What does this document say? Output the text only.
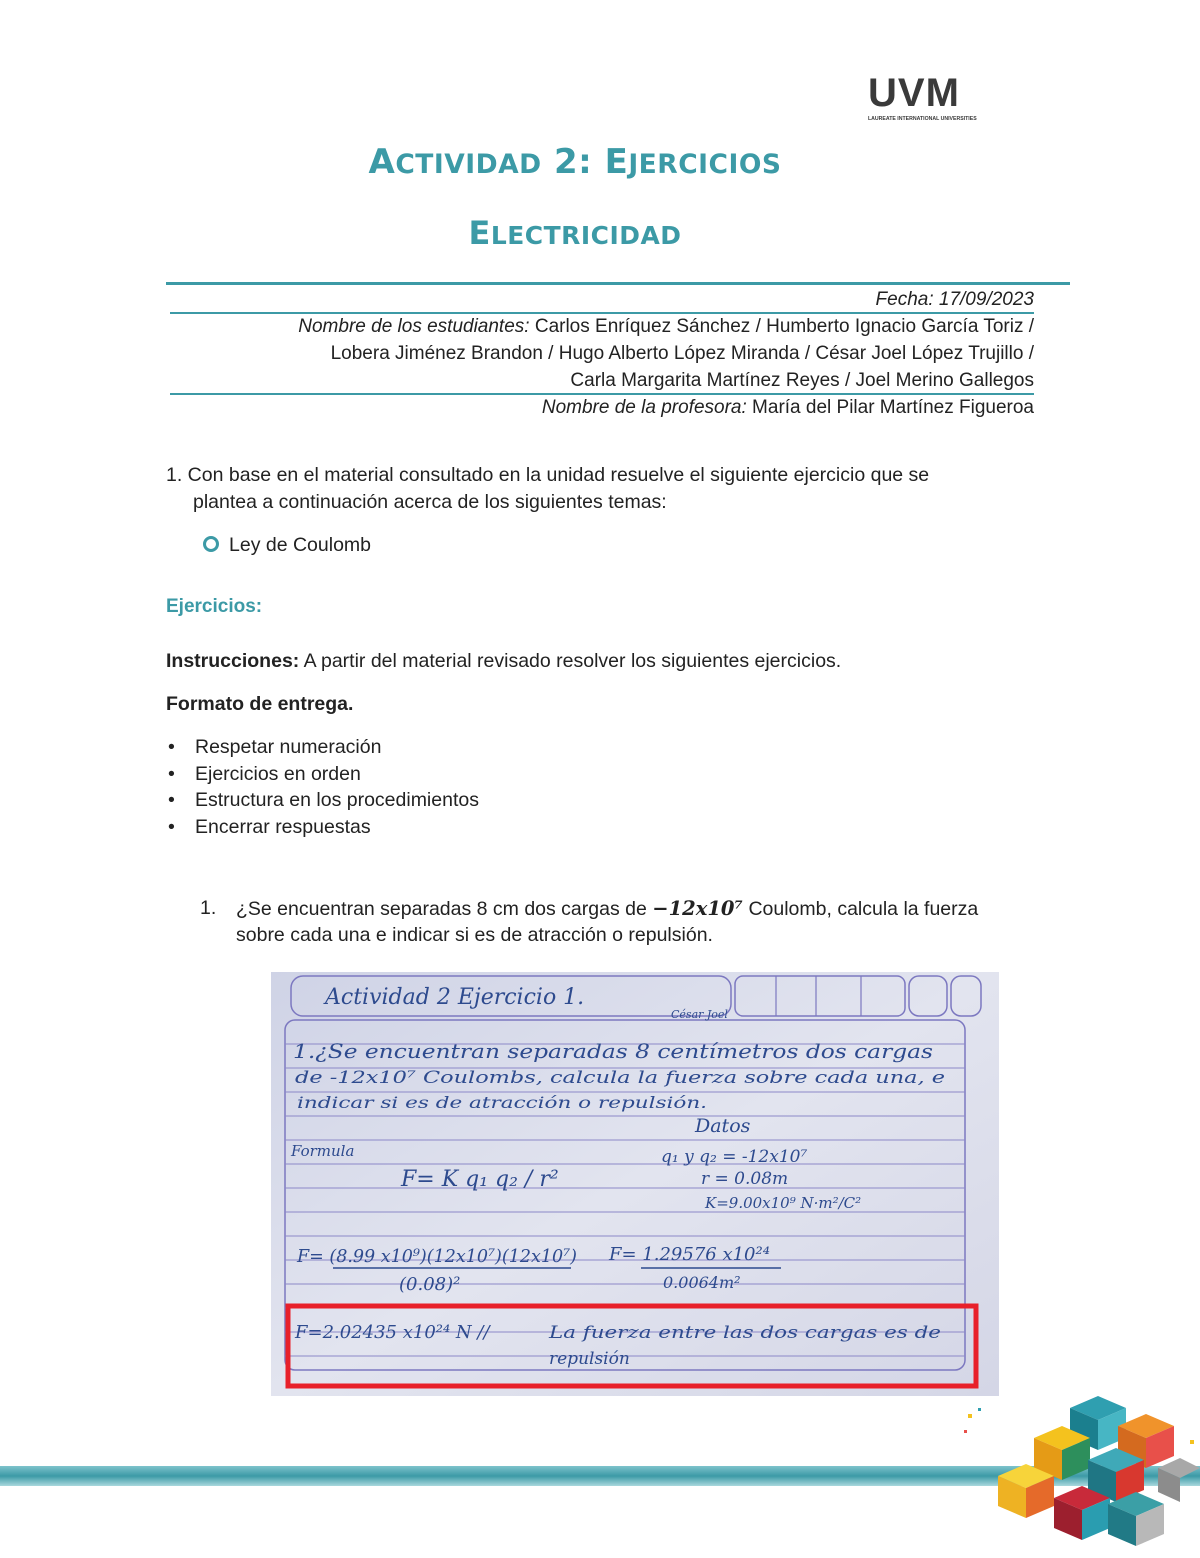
UVM
LAUREATE INTERNATIONAL UNIVERSITIES
ACTIVIDAD 2: EJERCICIOS
ELECTRICIDAD
Fecha: 17/09/2023
Nombre de los estudiantes: Carlos Enríquez Sánchez / Humberto Ignacio García Toriz /
Lobera Jiménez Brandon / Hugo Alberto López Miranda / César Joel López Trujillo /
Carla Margarita Martínez Reyes / Joel Merino Gallegos
Nombre de la profesora: María del Pilar Martínez Figueroa
1. Con base en el material consultado en la unidad resuelve el siguiente ejercicio que se
plantea a continuación acerca de los siguientes temas:
Ley de Coulomb
Ejercicios:
Instrucciones: A partir del material revisado resolver los siguientes ejercicios.
Formato de entrega.
• Respetar numeración
• Ejercicios en orden
• Estructura en los procedimientos
• Encerrar respuestas
1. ¿Se encuentran separadas 8 cm dos cargas de −12x10⁷ Coulomb, calcula la fuerza
sobre cada una e indicar si es de atracción o repulsión.
Actividad 2 Ejercicio 1.
César Joel
1.¿Se encuentran separadas 8 centímetros dos cargas
de -12x10⁷ Coulombs, calcula la fuerza sobre cada una, e
indicar si es de atracción o repulsión.
Datos
Formula
F= K q₁ q₂ / r²
q₁ y q₂ = -12x10⁷
r = 0.08m
K=9.00x10⁹ N·m²/C²
F= (8.99 x10⁹)(12x10⁷)(12x10⁷)
(0.08)²
F= 1.29576 x10²⁴
0.0064m²
F=2.02435 x10²⁴ N //	La fuerza entre las dos cargas es de
repulsión
